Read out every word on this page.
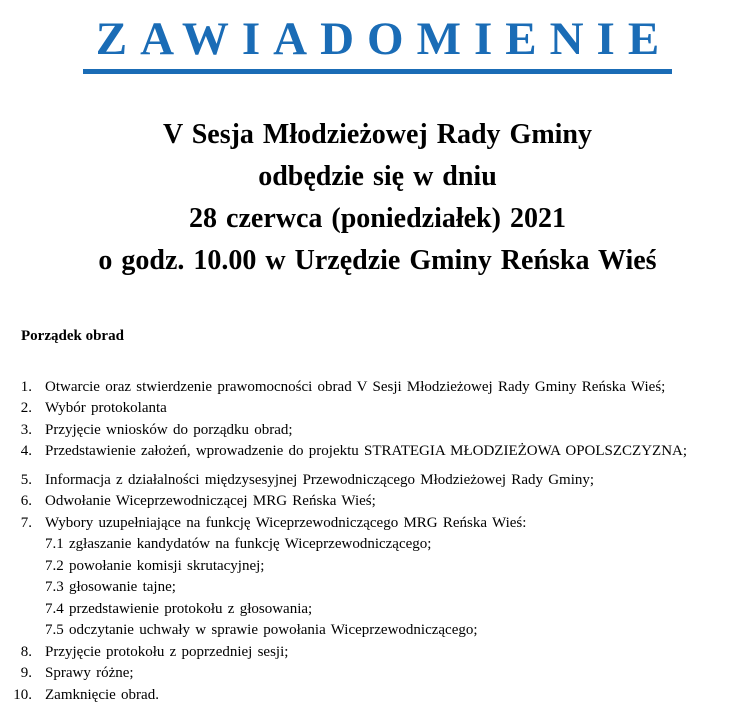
ZAWIADOMIENIE
V Sesja Młodzieżowej Rady Gminy
odbędzie się w dniu
28 czerwca (poniedziałek) 2021
o godz. 10.00 w Urzędzie Gminy Reńska Wieś
Porządek obrad
1. Otwarcie oraz stwierdzenie prawomocności obrad V Sesji Młodzieżowej Rady Gminy Reńska Wieś;
2. Wybór protokolanta
3. Przyjęcie wniosków do porządku obrad;
4. Przedstawienie założeń, wprowadzenie do projektu STRATEGIA MŁODZIEŻOWA OPOLSZCZYZNA;
5. Informacja z działalności międzysesyjnej Przewodniczącego Młodzieżowej Rady Gminy;
6. Odwołanie Wiceprzewodniczącej MRG Reńska Wieś;
7. Wybory uzupełniające na funkcję Wiceprzewodniczącego MRG Reńska Wieś:
7.1 zgłaszanie kandydatów na funkcję Wiceprzewodniczącego;
7.2 powołanie komisji skrutacyjnej;
7.3 głosowanie tajne;
7.4 przedstawienie protokołu z głosowania;
7.5 odczytanie uchwały w sprawie powołania Wiceprzewodniczącego;
8. Przyjęcie protokołu z poprzedniej sesji;
9. Sprawy różne;
10. Zamknięcie obrad.
